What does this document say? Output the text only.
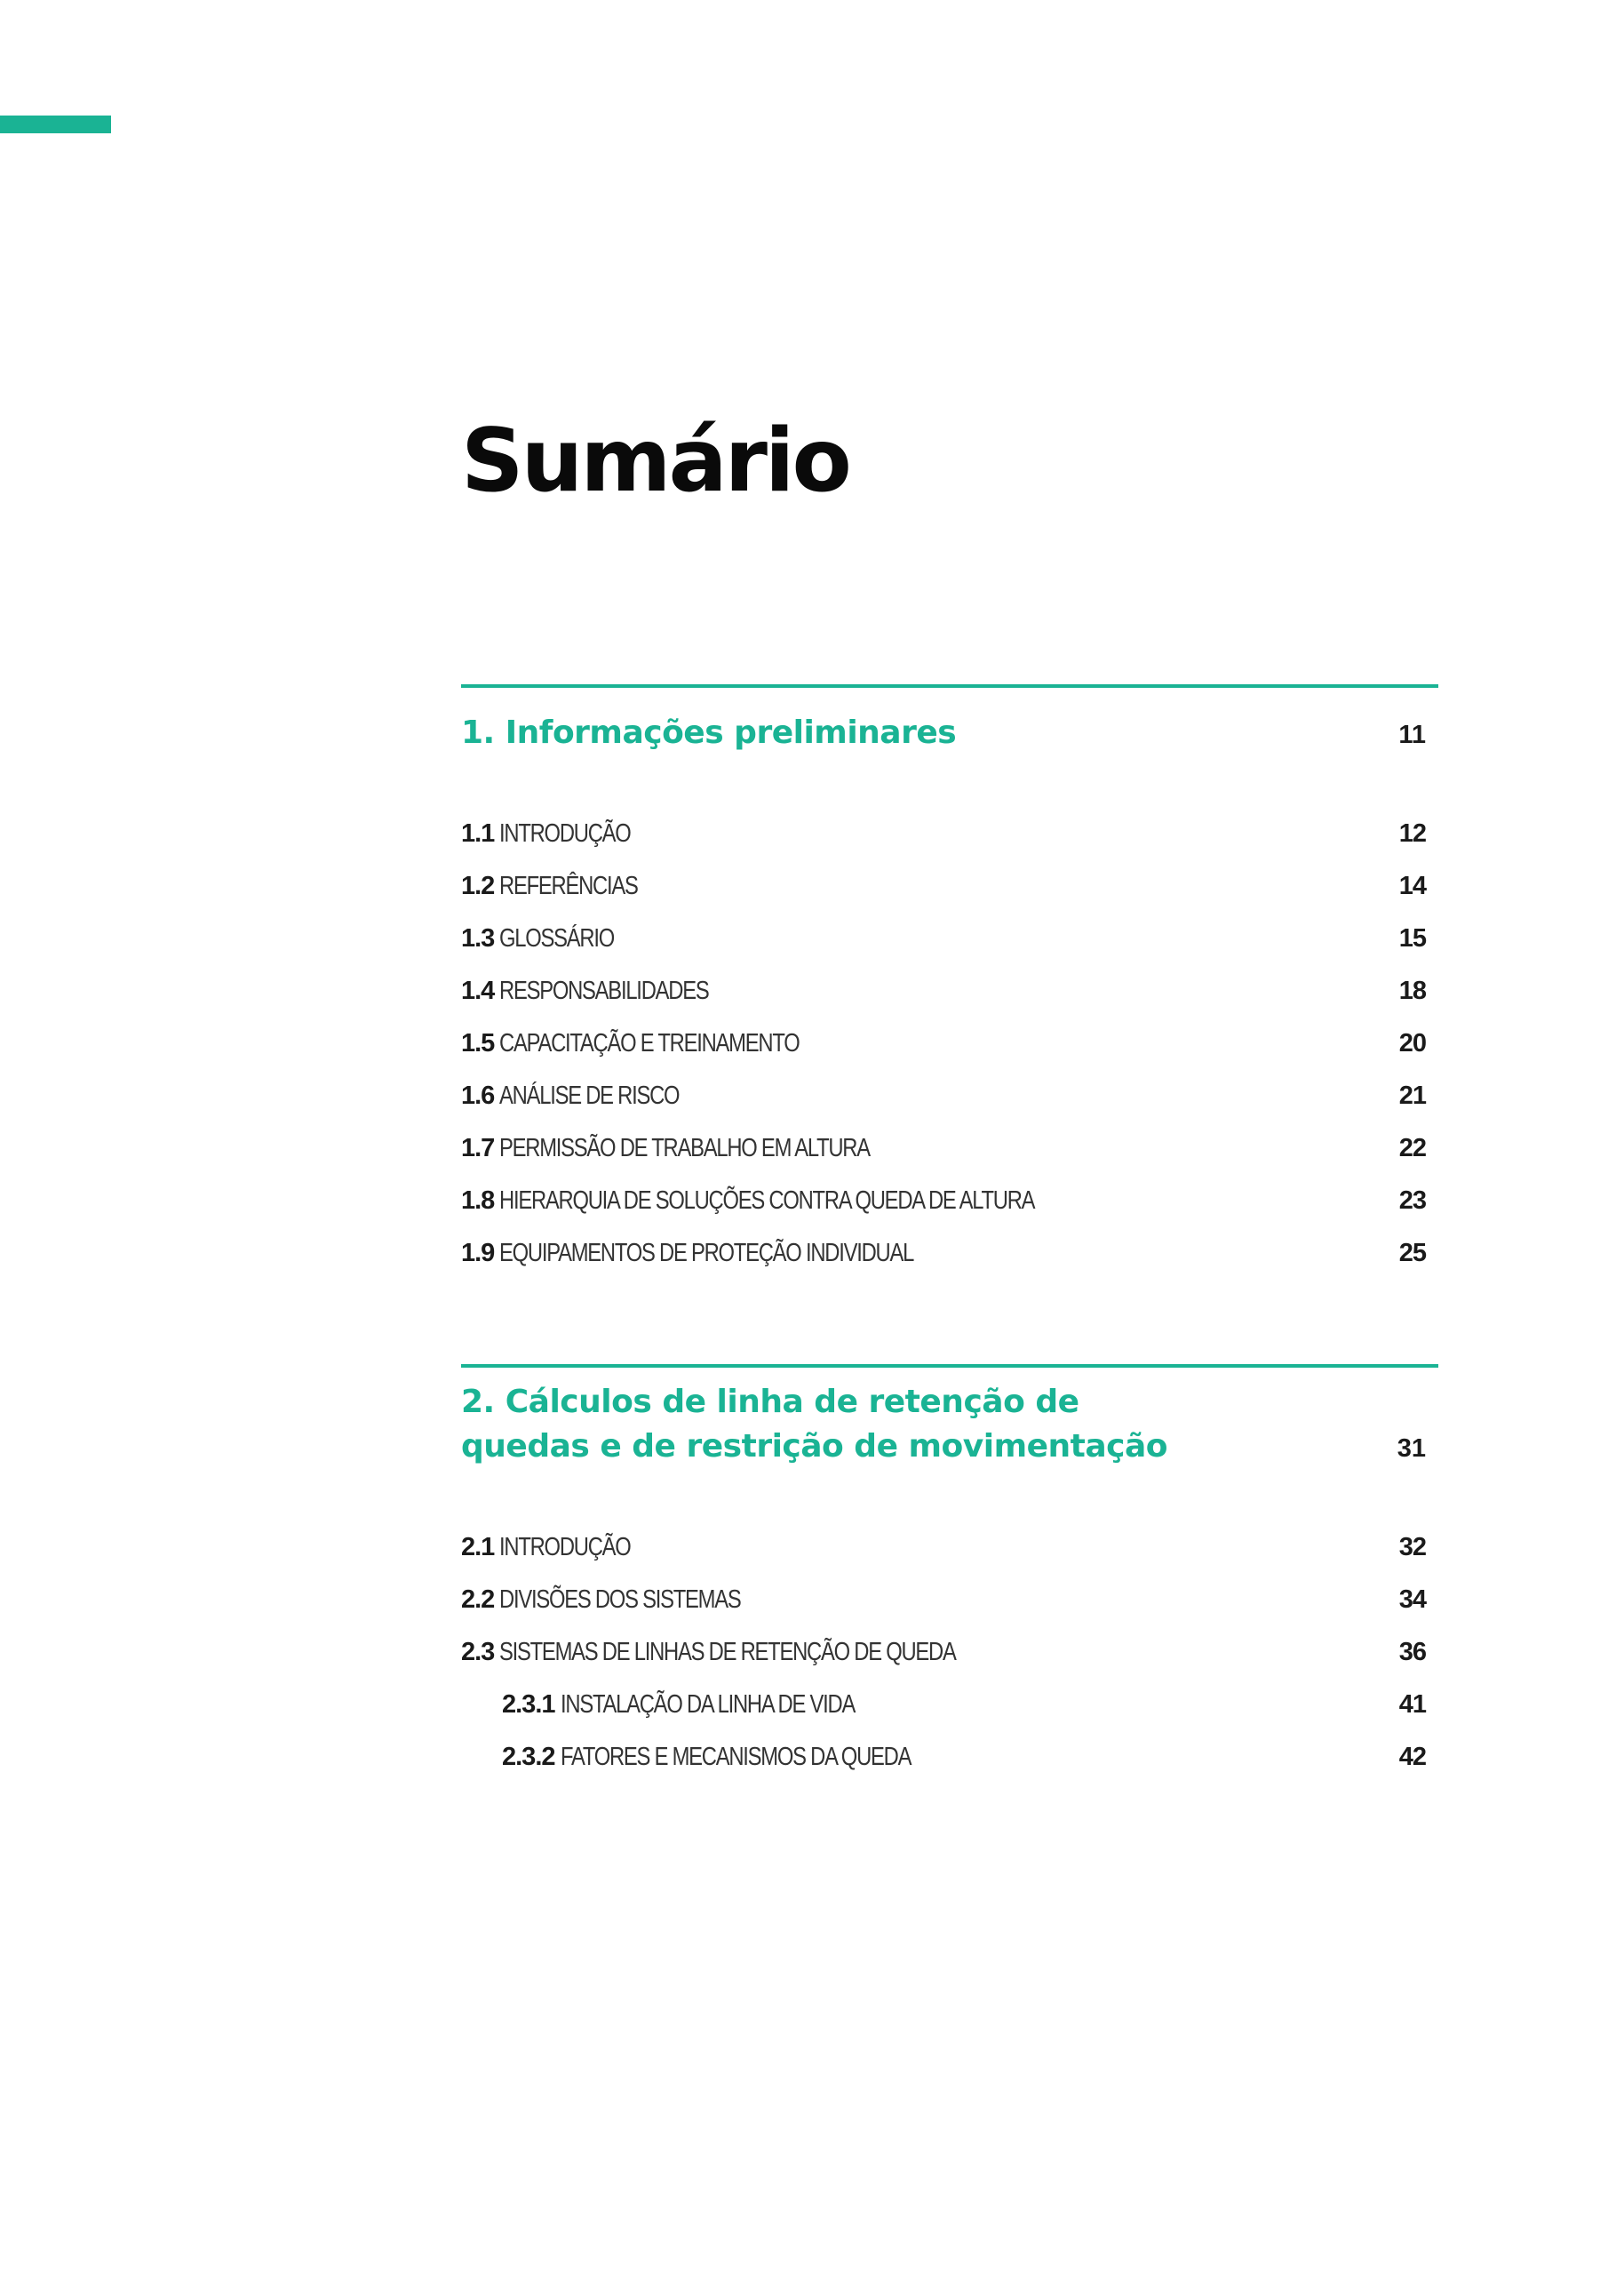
Sumário

1. Informações preliminares	11
1.1 INTRODUÇÃO	12
1.2 REFERÊNCIAS	14
1.3 GLOSSÁRIO	15
1.4 RESPONSABILIDADES	18
1.5 CAPACITAÇÃO E TREINAMENTO	20
1.6 ANÁLISE DE RISCO	21
1.7 PERMISSÃO DE TRABALHO EM ALTURA	22
1.8 HIERARQUIA DE SOLUÇÕES CONTRA QUEDA DE ALTURA	23
1.9 EQUIPAMENTOS DE PROTEÇÃO INDIVIDUAL	25

2. Cálculos de linha de retenção de
quedas e de restrição de movimentação	31
2.1 INTRODUÇÃO	32
2.2 DIVISÕES DOS SISTEMAS	34
2.3 SISTEMAS DE LINHAS DE RETENÇÃO DE QUEDA	36
2.3.1 INSTALAÇÃO DA LINHA DE VIDA	41
2.3.2 FATORES E MECANISMOS DA QUEDA	42
